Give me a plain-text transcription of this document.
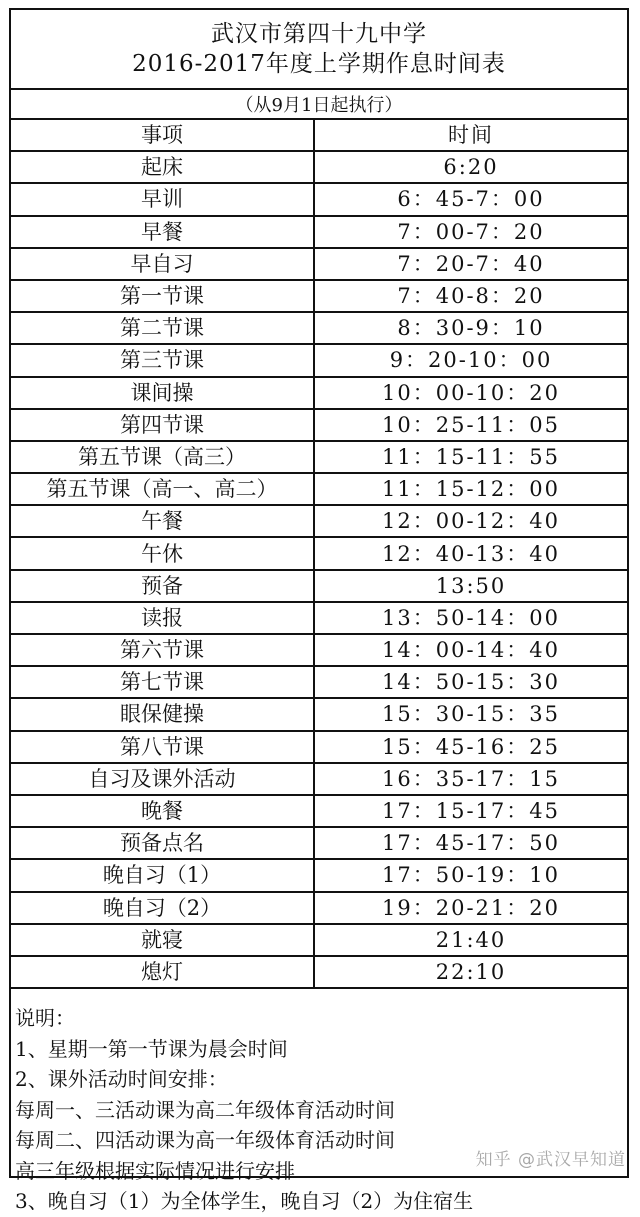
武汉市第四十九中学
2016-2017年度上学期作息时间表
（从9月1日起执行）
事项	时间
起床	6:20
早训	6：45-7：00
早餐	7：00-7：20
早自习	7：20-7：40
第一节课	7：40-8：20
第二节课	8：30-9：10
第三节课	9：20-10：00
课间操	10：00-10：20
第四节课	10：25-11：05
第五节课（高三）	11：15-11：55
第五节课（高一、高二）	11：15-12：00
午餐	12：00-12：40
午休	12：40-13：40
预备	13:50
读报	13：50-14：00
第六节课	14：00-14：40
第七节课	14：50-15：30
眼保健操	15：30-15：35
第八节课	15：45-16：25
自习及课外活动	16：35-17：15
晚餐	17：15-17：45
预备点名	17：45-17：50
晚自习（1）	17：50-19：10
晚自习（2）	19：20-21：20
就寝	21:40
熄灯	22:10
说明：
1、星期一第一节课为晨会时间
2、课外活动时间安排：
每周一、三活动课为高二年级体育活动时间
每周二、四活动课为高一年级体育活动时间
高三年级根据实际情况进行安排
3、晚自习（1）为全体学生，晚自习（2）为住宿生
知乎 @武汉早知道
